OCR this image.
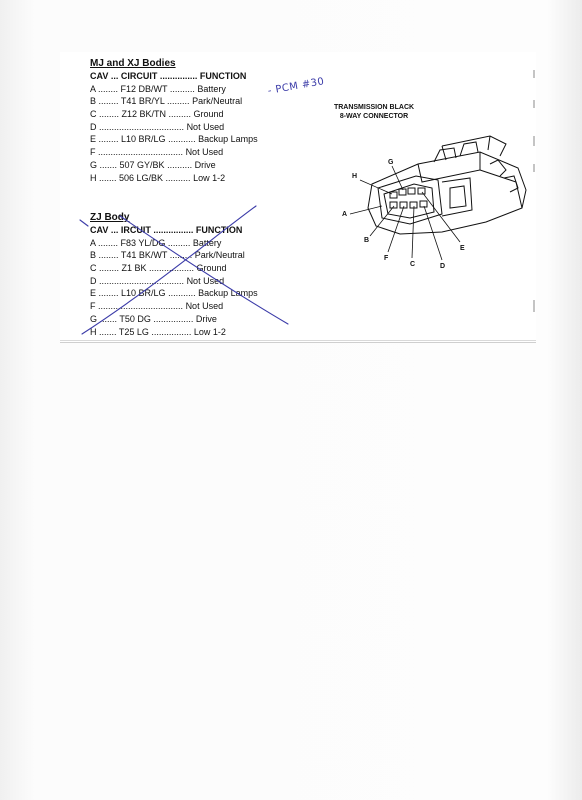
MJ and XJ Bodies
CAV ... CIRCUIT ............... FUNCTION
A ........ F12 DB/WT .......... Battery
B ........ T41 BR/YL ......... Park/Neutral
C ........ Z12 BK/TN ......... Ground
D .................................. Not Used
E ........ L10 BR/LG ........... Backup Lamps
F .................................. Not Used
G ....... 507 GY/BK .......... Drive
H ....... 506 LG/BK .......... Low 1-2
- PCM #30
TRANSMISSION BLACK
8-WAY CONNECTOR
H
G
A
B
F
C	D
E
ZJ Body
CAV ... IRCUIT ................ FUNCTION
A ........ F83 YL/DG ......... Battery
B ........ T41 BK/WT ......... Park/Neutral
C ........ Z1 BK .................. Ground
D .................................. Not Used
E ........ L10 BR/LG ........... Backup Lamps
F .................................. Not Used
G ....... T50 DG ................ Drive
H ....... T25 LG ................ Low 1-2
